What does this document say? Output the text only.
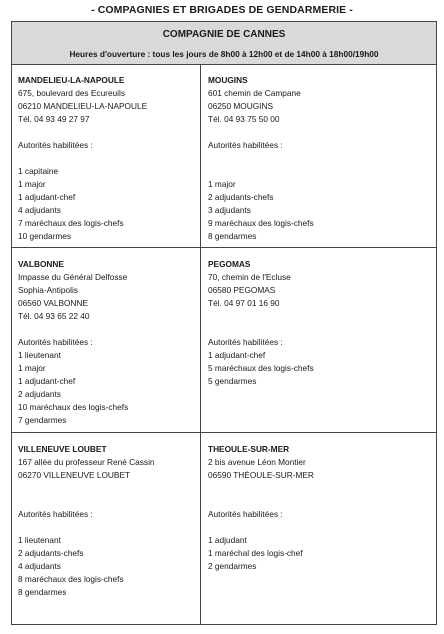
- COMPAGNIES ET BRIGADES DE GENDARMERIE -
COMPAGNIE DE CANNES
Heures d'ouverture : tous les jours de 8h00 à 12h00 et de 14h00 à 18h00/19h00
MANDELIEU-LA-NAPOULE
675, boulevard des Ecureuils
06210 MANDELIEU-LA-NAPOULE
Tél. 04 93 49 27 97
Autorités habilitées :
1 capitaine
1 major
1 adjudant-chef
4 adjudants
7 maréchaux des logis-chefs
10 gendarmes
MOUGINS
601 chemin de Campane
06250 MOUGINS
Tél. 04 93 75 50 00
Autorités habilitées :
1 major
2 adjudants-chefs
3 adjudants
9 maréchaux des logis-chefs
8 gendarmes
VALBONNE
Impasse du Général Delfosse
Sophia-Antipolis
06560 VALBONNE
Tél. 04 93 65 22 40
Autorités habilitées :
1 lieutenant
1 major
1 adjudant-chef
2 adjudants
10 maréchaux des logis-chefs
7 gendarmes
PEGOMAS
70, chemin de l'Ecluse
06580 PEGOMAS
Tél. 04 97 01 16 90
Autorités habilitées :
1 adjudant-chef
5 maréchaux des logis-chefs
5 gendarmes
VILLENEUVE LOUBET
167 allée du professeur René Cassin
06270 VILLENEUVE LOUBET
Autorités habilitées :
1 lieutenant
2 adjudants-chefs
4 adjudants
8 maréchaux des logis-chefs
8 gendarmes
THEOULE-SUR-MER
2 bis avenue Léon Montier
06590 THÉOULE-SUR-MER
Autorités habilitées :
1 adjudant
1 maréchal des logis-chef
2 gendarmes
